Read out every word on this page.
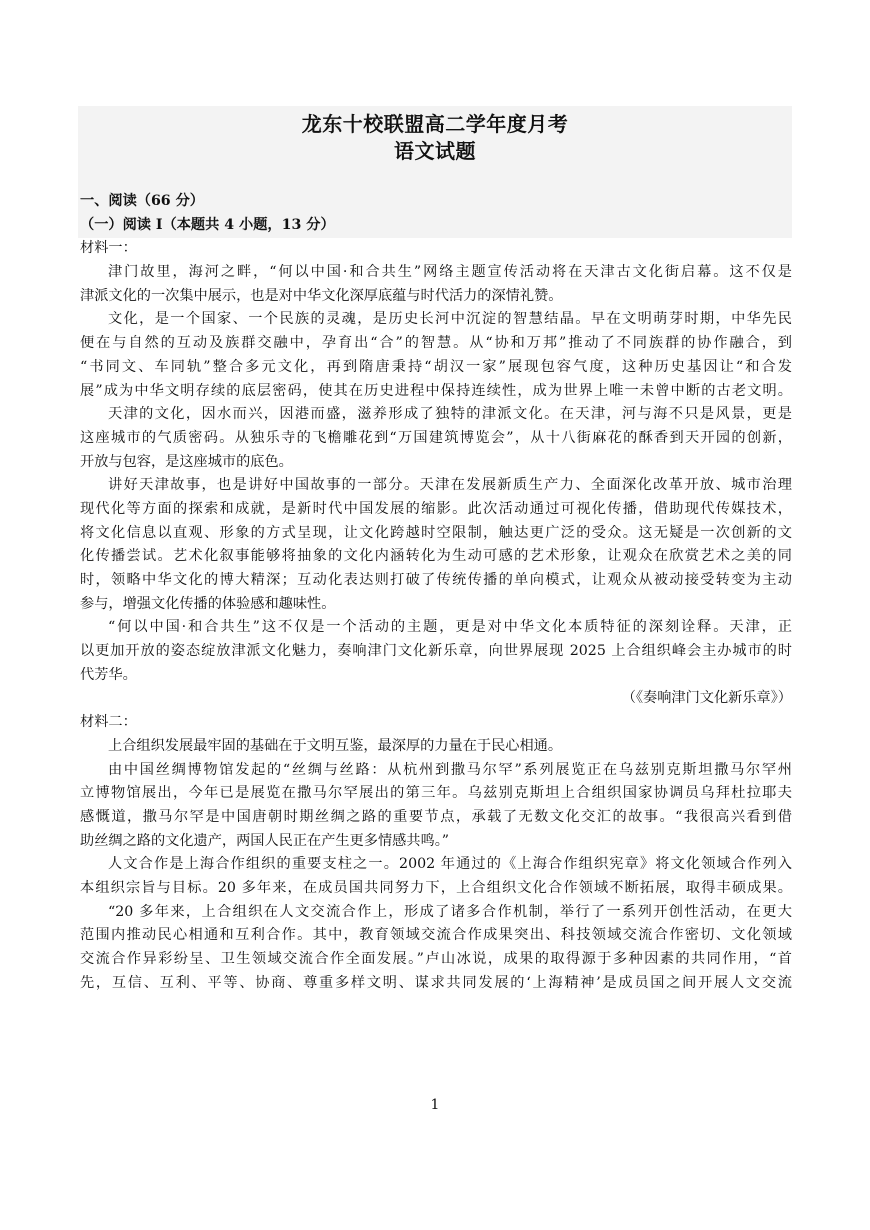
龙东十校联盟高二学年度月考
语文试题
一、阅读（66 分）
（一）阅读 I（本题共 4 小题，13 分）
材料一：
津门故里，海河之畔，“何以中国·和合共生”网络主题宣传活动将在天津古文化街启幕。这不仅是
津派文化的一次集中展示，也是对中华文化深厚底蕴与时代活力的深情礼赞。
文化，是一个国家、一个民族的灵魂，是历史长河中沉淀的智慧结晶。早在文明萌芽时期，中华先民
便在与自然的互动及族群交融中，孕育出“合”的智慧。从“协和万邦”推动了不同族群的协作融合，到
“书同文、车同轨”整合多元文化，再到隋唐秉持“胡汉一家”展现包容气度，这种历史基因让“和合发
展”成为中华文明存续的底层密码，使其在历史进程中保持连续性，成为世界上唯一未曾中断的古老文明。
天津的文化，因水而兴，因港而盛，滋养形成了独特的津派文化。在天津，河与海不只是风景，更是
这座城市的气质密码。从独乐寺的飞檐雕花到“万国建筑博览会”，从十八街麻花的酥香到天开园的创新，
开放与包容，是这座城市的底色。
讲好天津故事，也是讲好中国故事的一部分。天津在发展新质生产力、全面深化改革开放、城市治理
现代化等方面的探索和成就，是新时代中国发展的缩影。此次活动通过可视化传播，借助现代传媒技术，
将文化信息以直观、形象的方式呈现，让文化跨越时空限制，触达更广泛的受众。这无疑是一次创新的文
化传播尝试。艺术化叙事能够将抽象的文化内涵转化为生动可感的艺术形象，让观众在欣赏艺术之美的同
时，领略中华文化的博大精深；互动化表达则打破了传统传播的单向模式，让观众从被动接受转变为主动
参与，增强文化传播的体验感和趣味性。
“何以中国·和合共生”这不仅是一个活动的主题，更是对中华文化本质特征的深刻诠释。天津，正
以更加开放的姿态绽放津派文化魅力，奏响津门文化新乐章，向世界展现 2025 上合组织峰会主办城市的时
代芳华。
（《奏响津门文化新乐章》）
材料二：
上合组织发展最牢固的基础在于文明互鉴，最深厚的力量在于民心相通。
由中国丝绸博物馆发起的“丝绸与丝路：从杭州到撒马尔罕”系列展览正在乌兹别克斯坦撒马尔罕州
立博物馆展出，今年已是展览在撒马尔罕展出的第三年。乌兹别克斯坦上合组织国家协调员乌拜杜拉耶夫
感慨道，撒马尔罕是中国唐朝时期丝绸之路的重要节点，承载了无数文化交汇的故事。“我很高兴看到借
助丝绸之路的文化遗产，两国人民正在产生更多情感共鸣。”
人文合作是上海合作组织的重要支柱之一。2002 年通过的《上海合作组织宪章》将文化领域合作列入
本组织宗旨与目标。20 多年来，在成员国共同努力下，上合组织文化合作领域不断拓展，取得丰硕成果。
“20 多年来，上合组织在人文交流合作上，形成了诸多合作机制，举行了一系列开创性活动，在更大
范围内推动民心相通和互利合作。其中，教育领域交流合作成果突出、科技领域交流合作密切、文化领域
交流合作异彩纷呈、卫生领域交流合作全面发展。”卢山冰说，成果的取得源于多种因素的共同作用，“首
先，互信、互利、平等、协商、尊重多样文明、谋求共同发展的‘上海精神’是成员国之间开展人文交流
1
